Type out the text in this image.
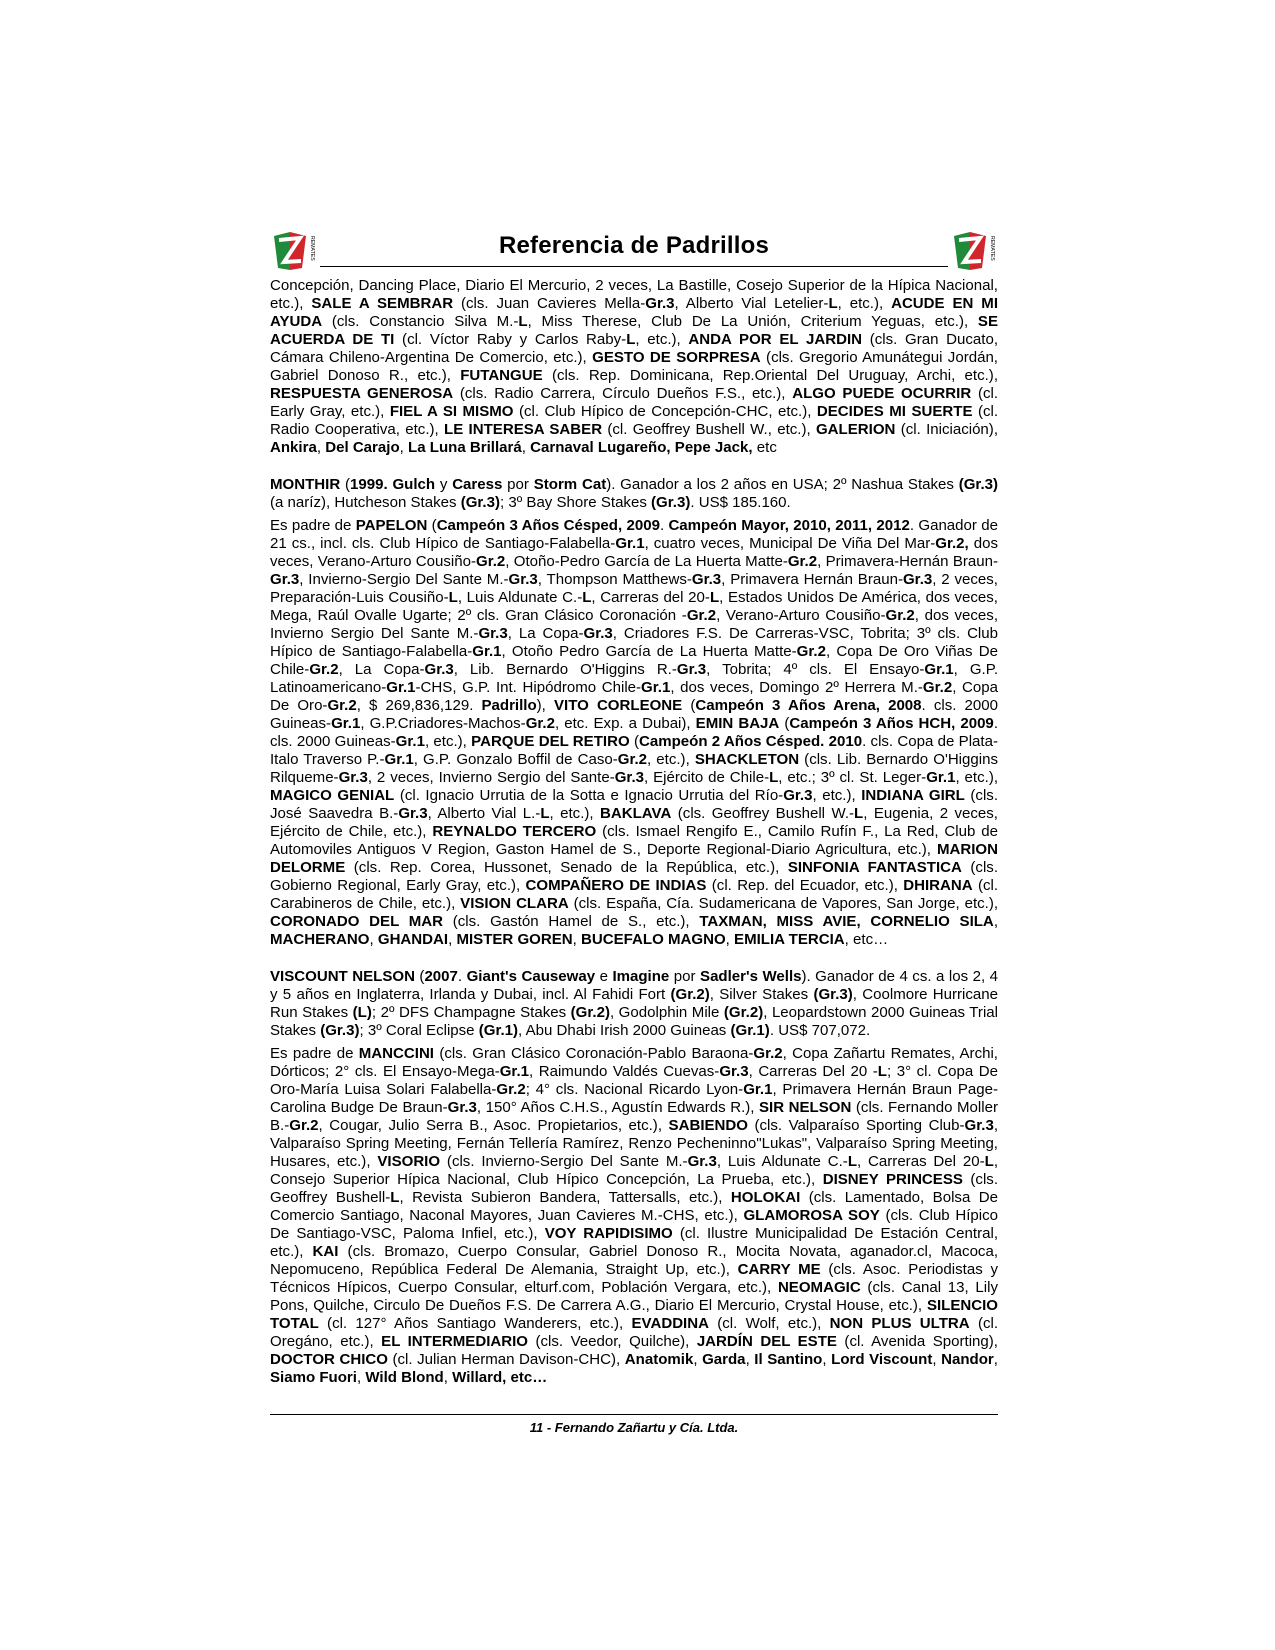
REMATES	Referencia de Padrillos	REMATES

Concepción, Dancing Place, Diario El Mercurio, 2 veces, La Bastille, Cosejo Superior de la Hípica Nacional, etc.), SALE A SEMBRAR (cls. Juan Cavieres Mella-Gr.3, Alberto Vial Letelier-L, etc.), ACUDE EN MI AYUDA (cls. Constancio Silva M.-L, Miss Therese, Club De La Unión, Criterium Yeguas, etc.), SE ACUERDA DE TI (cl. Víctor Raby y Carlos Raby-L, etc.), ANDA POR EL JARDIN (cls. Gran Ducato, Cámara Chileno-Argentina De Comercio, etc.), GESTO DE SORPRESA (cls. Gregorio Amunátegui Jordán, Gabriel Donoso R., etc.), FUTANGUE (cls. Rep. Dominicana, Rep.Oriental Del Uruguay, Archi, etc.), RESPUESTA GENEROSA (cls. Radio Carrera, Círculo Dueños F.S., etc.), ALGO PUEDE OCURRIR (cl. Early Gray, etc.), FIEL A SI MISMO (cl. Club Hípico de Concepción-CHC, etc.), DECIDES MI SUERTE (cl. Radio Cooperativa, etc.), LE INTERESA SABER (cl. Geoffrey Bushell W., etc.), GALERION (cl. Iniciación), Ankira, Del Carajo, La Luna Brillará, Carnaval Lugareño, Pepe Jack, etc

MONTHIR (1999. Gulch y Caress por Storm Cat). Ganador a los 2 años en USA; 2º Nashua Stakes (Gr.3)(a naríz), Hutcheson Stakes (Gr.3); 3º Bay Shore Stakes (Gr.3). US$ 185.160.

Es padre de PAPELON (Campeón 3 Años Césped, 2009. Campeón Mayor, 2010, 2011, 2012. Ganador de 21 cs., incl. cls. Club Hípico de Santiago-Falabella-Gr.1, cuatro veces, Municipal De Viña Del Mar-Gr.2, dos veces, Verano-Arturo Cousiño-Gr.2, Otoño-Pedro García de La Huerta Matte-Gr.2, Primavera-Hernán Braun-Gr.3, Invierno-Sergio Del Sante M.-Gr.3, Thompson Matthews-Gr.3, Primavera Hernán Braun-Gr.3, 2 veces, Preparación-Luis Cousiño-L, Luis Aldunate C.-L, Carreras del 20-L, Estados Unidos De América, dos veces, Mega, Raúl Ovalle Ugarte; 2º cls. Gran Clásico Coronación -Gr.2, Verano-Arturo Cousiño-Gr.2, dos veces, Invierno Sergio Del Sante M.-Gr.3, La Copa-Gr.3, Criadores F.S. De Carreras-VSC, Tobrita; 3º cls. Club Hípico de Santiago-Falabella-Gr.1, Otoño Pedro García de La Huerta Matte-Gr.2, Copa De Oro Viñas De Chile-Gr.2, La Copa-Gr.3, Lib. Bernardo O'Higgins R.-Gr.3, Tobrita; 4º cls. El Ensayo-Gr.1, G.P. Latinoamericano-Gr.1-CHS, G.P. Int. Hipódromo Chile-Gr.1, dos veces, Domingo 2º Herrera M.-Gr.2, Copa De Oro-Gr.2, $ 269,836,129. Padrillo), VITO CORLEONE (Campeón 3 Años Arena, 2008. cls. 2000 Guineas-Gr.1, G.P.Criadores-Machos-Gr.2, etc. Exp. a Dubai), EMIN BAJA (Campeón 3 Años HCH, 2009. cls. 2000 Guineas-Gr.1, etc.), PARQUE DEL RETIRO (Campeón 2 Años Césped. 2010. cls. Copa de Plata-Italo Traverso P.-Gr.1, G.P. Gonzalo Boffil de Caso-Gr.2, etc.), SHACKLETON (cls. Lib. Bernardo O'Higgins Rilqueme-Gr.3, 2 veces, Invierno Sergio del Sante-Gr.3, Ejército de Chile-L, etc.; 3º cl. St. Leger-Gr.1, etc.), MAGICO GENIAL (cl. Ignacio Urrutia de la Sotta e Ignacio Urrutia del Río-Gr.3, etc.), INDIANA GIRL (cls. José Saavedra B.-Gr.3, Alberto Vial L.-L, etc.), BAKLAVA (cls. Geoffrey Bushell W.-L, Eugenia, 2 veces, Ejército de Chile, etc.), REYNALDO TERCERO (cls. Ismael Rengifo E., Camilo Rufín F., La Red, Club de Automoviles Antiguos V Region, Gaston Hamel de S., Deporte Regional-Diario Agricultura, etc.), MARION DELORME (cls. Rep. Corea, Hussonet, Senado de la República, etc.), SINFONIA FANTASTICA (cls. Gobierno Regional, Early Gray, etc.), COMPAÑERO DE INDIAS (cl. Rep. del Ecuador, etc.), DHIRANA (cl. Carabineros de Chile, etc.), VISION CLARA (cls. España, Cía. Sudamericana de Vapores, San Jorge, etc.), CORONADO DEL MAR (cls. Gastón Hamel de S., etc.), TAXMAN, MISS AVIE, CORNELIO SILA, MACHERANO, GHANDAI, MISTER GOREN, BUCEFALO MAGNO, EMILIA TERCIA, etc…

VISCOUNT NELSON (2007. Giant's Causeway e Imagine por Sadler's Wells). Ganador de 4 cs. a los 2, 4 y 5 años en Inglaterra, Irlanda y Dubai, incl. Al Fahidi Fort (Gr.2), Silver Stakes (Gr.3), Coolmore Hurricane Run Stakes (L); 2º DFS Champagne Stakes (Gr.2), Godolphin Mile (Gr.2), Leopardstown 2000 Guineas Trial Stakes (Gr.3); 3º Coral Eclipse (Gr.1), Abu Dhabi Irish 2000 Guineas (Gr.1). US$ 707,072.

Es padre de MANCCINI (cls. Gran Clásico Coronación-Pablo Baraona-Gr.2, Copa Zañartu Remates, Archi, Dórticos; 2° cls. El Ensayo-Mega-Gr.1, Raimundo Valdés Cuevas-Gr.3, Carreras Del 20 -L; 3° cl. Copa De Oro-María Luisa Solari Falabella-Gr.2; 4° cls. Nacional Ricardo Lyon-Gr.1, Primavera Hernán Braun Page-Carolina Budge De Braun-Gr.3, 150° Años C.H.S., Agustín Edwards R.), SIR NELSON (cls. Fernando Moller B.-Gr.2, Cougar, Julio Serra B., Asoc. Propietarios, etc.), SABIENDO (cls. Valparaíso Sporting Club-Gr.3, Valparaíso Spring Meeting, Fernán Tellería Ramírez, Renzo Pecheninno"Lukas", Valparaíso Spring Meeting, Husares, etc.), VISORIO (cls. Invierno-Sergio Del Sante M.-Gr.3, Luis Aldunate C.-L, Carreras Del 20-L, Consejo Superior Hípica Nacional, Club Hípico Concepción, La Prueba, etc.), DISNEY PRINCESS (cls. Geoffrey Bushell-L, Revista Subieron Bandera, Tattersalls, etc.), HOLOKAI (cls. Lamentado, Bolsa De Comercio Santiago, Naconal Mayores, Juan Cavieres M.-CHS, etc.), GLAMOROSA SOY (cls. Club Hípico De Santiago-VSC, Paloma Infiel, etc.), VOY RAPIDISIMO (cl. Ilustre Municipalidad De Estación Central, etc.), KAI (cls. Bromazo, Cuerpo Consular, Gabriel Donoso R., Mocita Novata, aganador.cl, Macoca, Nepomuceno, República Federal De Alemania, Straight Up, etc.), CARRY ME (cls. Asoc. Periodistas y Técnicos Hípicos, Cuerpo Consular, elturf.com, Población Vergara, etc.), NEOMAGIC (cls. Canal 13, Lily Pons, Quilche, Circulo De Dueños F.S. De Carrera A.G., Diario El Mercurio, Crystal House, etc.), SILENCIO TOTAL (cl. 127° Años Santiago Wanderers, etc.), EVADDINA (cl. Wolf, etc.), NON PLUS ULTRA (cl. Oregáno, etc.), EL INTERMEDIARIO (cls. Veedor, Quilche), JARDÍN DEL ESTE (cl. Avenida Sporting), DOCTOR CHICO (cl. Julian Herman Davison-CHC), Anatomik, Garda, Il Santino, Lord Viscount, Nandor, Siamo Fuori, Wild Blond, Willard, etc…

11 - Fernando Zañartu y Cía. Ltda.
